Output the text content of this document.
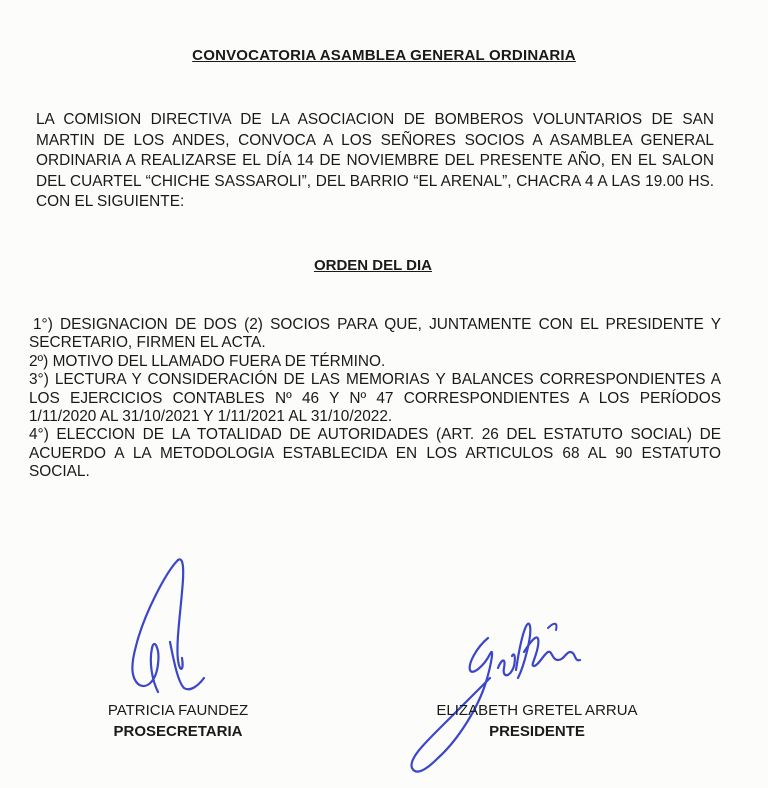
CONVOCATORIA ASAMBLEA GENERAL ORDINARIA
LA COMISION DIRECTIVA DE LA ASOCIACION DE BOMBEROS VOLUNTARIOS DE SAN MARTIN DE LOS ANDES, CONVOCA A LOS SEÑORES SOCIOS A ASAMBLEA GENERAL ORDINARIA A REALIZARSE EL DÍA 14 DE NOVIEMBRE DEL PRESENTE AÑO, EN EL SALON DEL CUARTEL “CHICHE SASSAROLI”, DEL BARRIO “EL ARENAL”, CHACRA 4 A LAS 19.00 HS. CON EL SIGUIENTE:
ORDEN DEL DIA
1°) DESIGNACION DE DOS (2) SOCIOS PARA QUE, JUNTAMENTE CON EL PRESIDENTE Y SECRETARIO, FIRMEN EL ACTA.
2º) MOTIVO DEL LLAMADO FUERA DE TÉRMINO.
3°) LECTURA Y CONSIDERACIÓN DE LAS MEMORIAS Y BALANCES CORRESPONDIENTES A LOS EJERCICIOS CONTABLES Nº 46 Y Nº 47 CORRESPONDIENTES A LOS PERÍODOS 1/11/2020 AL 31/10/2021 Y 1/11/2021 AL 31/10/2022.
4°) ELECCION DE LA TOTALIDAD DE AUTORIDADES (ART. 26 DEL ESTATUTO SOCIAL) DE ACUERDO A LA METODOLOGIA ESTABLECIDA EN LOS ARTICULOS 68 AL 90 ESTATUTO SOCIAL.
PATRICIA FAUNDEZ
PROSECRETARIA
ELIZABETH GRETEL ARRUA
PRESIDENTE
